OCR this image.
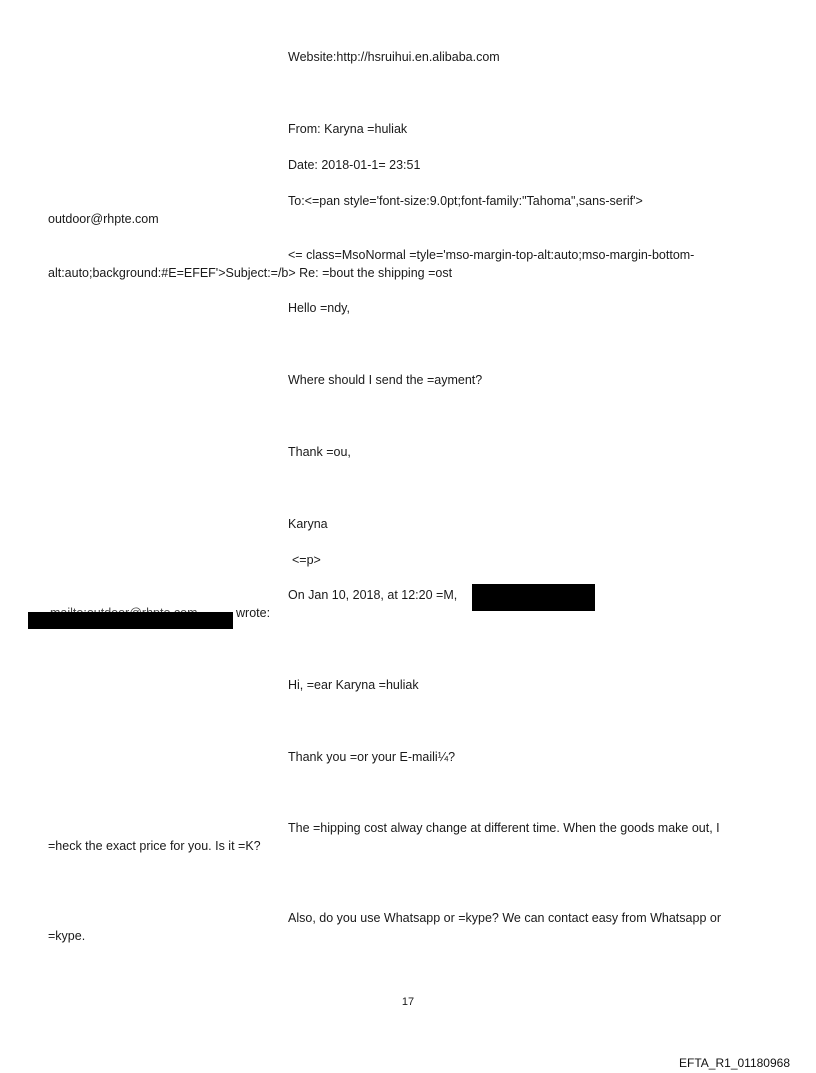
Website:http://hsruihui.en.alibaba.com
From: Karyna =huliak
Date: 2018-01-1= 23:51
To:<=pan style='font-size:9.0pt;font-family:"Tahoma",sans-serif'>
outdoor@rhpte.com
<= class=MsoNormal =tyle='mso-margin-top-alt:auto;mso-margin-bottom-
alt:auto;background:#E=EFEF'>Subject:=/b> Re: =bout the shipping =ost
Hello =ndy,
Where should I send the =ayment?
Thank =ou,
Karyna
<=p>
On Jan 10, 2018, at 12:20 =M,
wrote:
Hi, =ear Karyna =huliak
Thank you =or your E-maili¼?
The =hipping cost alway change at different time. When the goods make out, I
=heck the exact price for you. Is it =K?
Also, do you use Whatsapp or =kype? We can contact easy from Whatsapp or
=kype.
17
EFTA_R1_01180968
